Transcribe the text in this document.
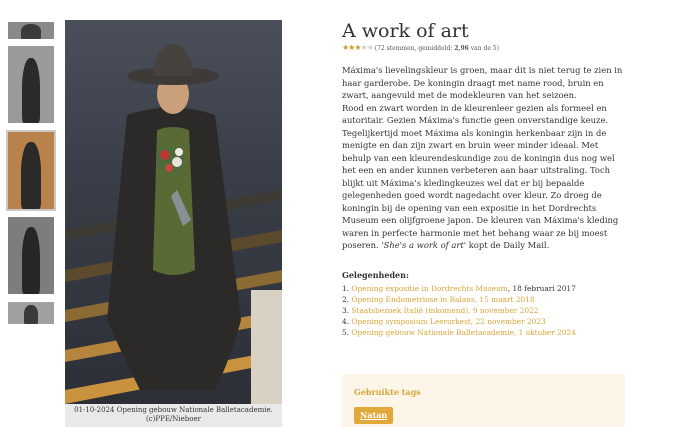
01-10-2024 Opening gebouw Nationale Balletacademie.
(c)PPE/Nieboer
A work of art
★★★★★ (72 stemmen, gemiddeld: 2,96 van de 5)

Máxima's lievelingskleur is groen, maar dit is niet terug te zien in haar garderobe. De koningin draagt met name rood, bruin en zwart, aangevuld met de modekleuren van het seizoen.

Rood en zwart worden in de kleurenleer gezien als formeel en autoritair. Gezien Máxima's functie geen onverstandige keuze. Tegelijkertijd moet Máxima als koningin herkenbaar zijn in de menigte en dan zijn zwart en bruin weer minder ideaal. Met behulp van een kleurendeskundige zou de koningin dus nog wel het een en ander kunnen verbeteren aan haar uitstraling. Toch blijkt uit Máxima's kledingkeuzes wel dat er bij bepaalde gelegenheden goed wordt nagedacht over kleur. Zo droeg de koningin bij de opening van een expositie in het Dordrechts Museum een olijfgroene japon. De kleuren van Máxima's kleding waren in perfecte harmonie met het behang waar ze bij moest poseren. 'She's a work of art' kopt de Daily Mail.

Gelegenheden:

1. Opening expositie in Dordrechts Museum, 18 februari 2017
2. Opening Endometriose in Balans, 15 maart 2018
3. Staatsbezoek Italië (inkomend), 9 november 2022
4. Opening symposium Leerorkest, 22 november 2023
5. Opening gebouw Nationale Balletacademie, 1 oktober 2024
Gebruikte tags
Natan
